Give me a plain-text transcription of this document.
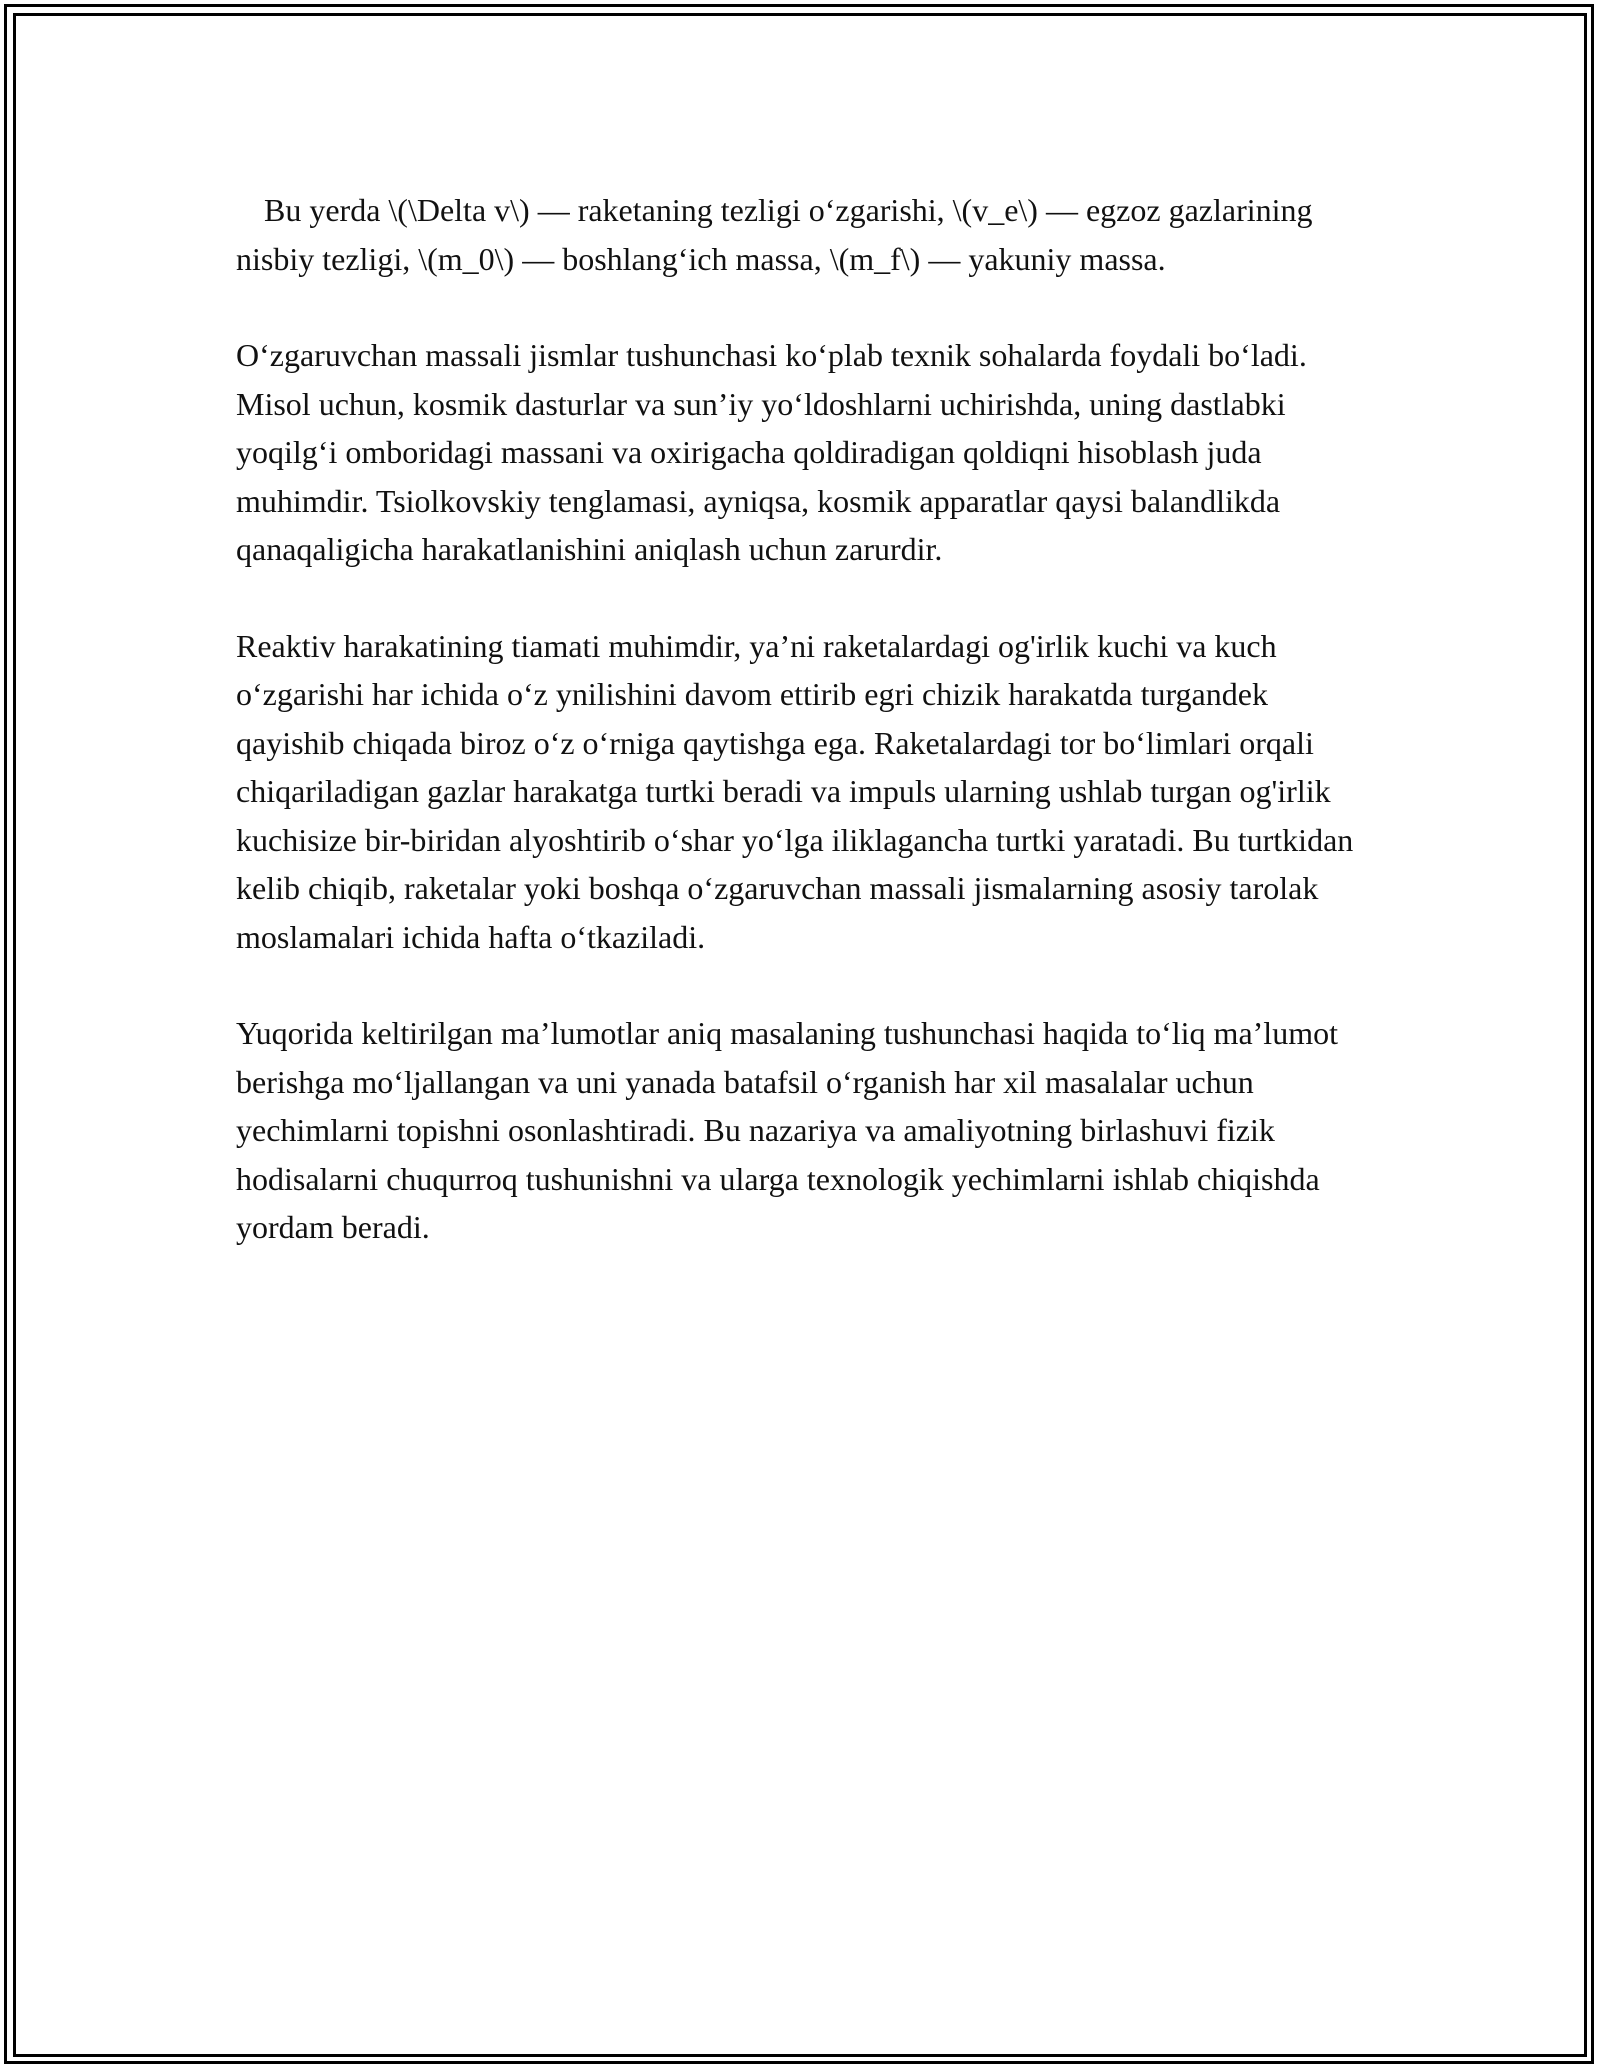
Bu yerda \(\Delta v\) — raketaning tezligi o‘zgarishi, \(v_e\) — egzoz gazlarining nisbiy tezligi, \(m_0\) — boshlang‘ich massa, \(m_f\) — yakuniy massa.

O‘zgaruvchan massali jismlar tushunchasi ko‘plab texnik sohalarda foydali bo‘ladi. Misol uchun, kosmik dasturlar va sun’iy yo‘ldoshlarni uchirishda, uning dastlabki yoqilg‘i omboridagi massani va oxirigacha qoldiradigan qoldiqni hisoblash juda muhimdir. Tsiolkovskiy tenglamasi, ayniqsa, kosmik apparatlar qaysi balandlikda qanaqaligicha harakatlanishini aniqlash uchun zarurdir.

Reaktiv harakatining tiamati muhimdir, ya’ni raketalardagi og'irlik kuchi va kuch o‘zgarishi har ichida o‘z ynilishini davom ettirib egri chizik harakatda turgandek qayishib chiqada biroz o‘z o‘rniga qaytishga ega. Raketalardagi tor bo‘limlari orqali chiqariladigan gazlar harakatga turtki beradi va impuls ularning ushlab turgan og'irlik kuchisize bir-biridan alyoshtirib o‘shar yo‘lga iliklagancha turtki yaratadi. Bu turtkidan kelib chiqib, raketalar yoki boshqa o‘zgaruvchan massali jismalarning asosiy tarolak moslamalari ichida hafta o‘tkaziladi.

Yuqorida keltirilgan ma’lumotlar aniq masalaning tushunchasi haqida to‘liq ma’lumot berishga mo‘ljallangan va uni yanada batafsil o‘rganish har xil masalalar uchun yechimlarni topishni osonlashtiradi. Bu nazariya va amaliyotning birlashuvi fizik hodisalarni chuqurroq tushunishni va ularga texnologik yechimlarni ishlab chiqishda yordam beradi.
